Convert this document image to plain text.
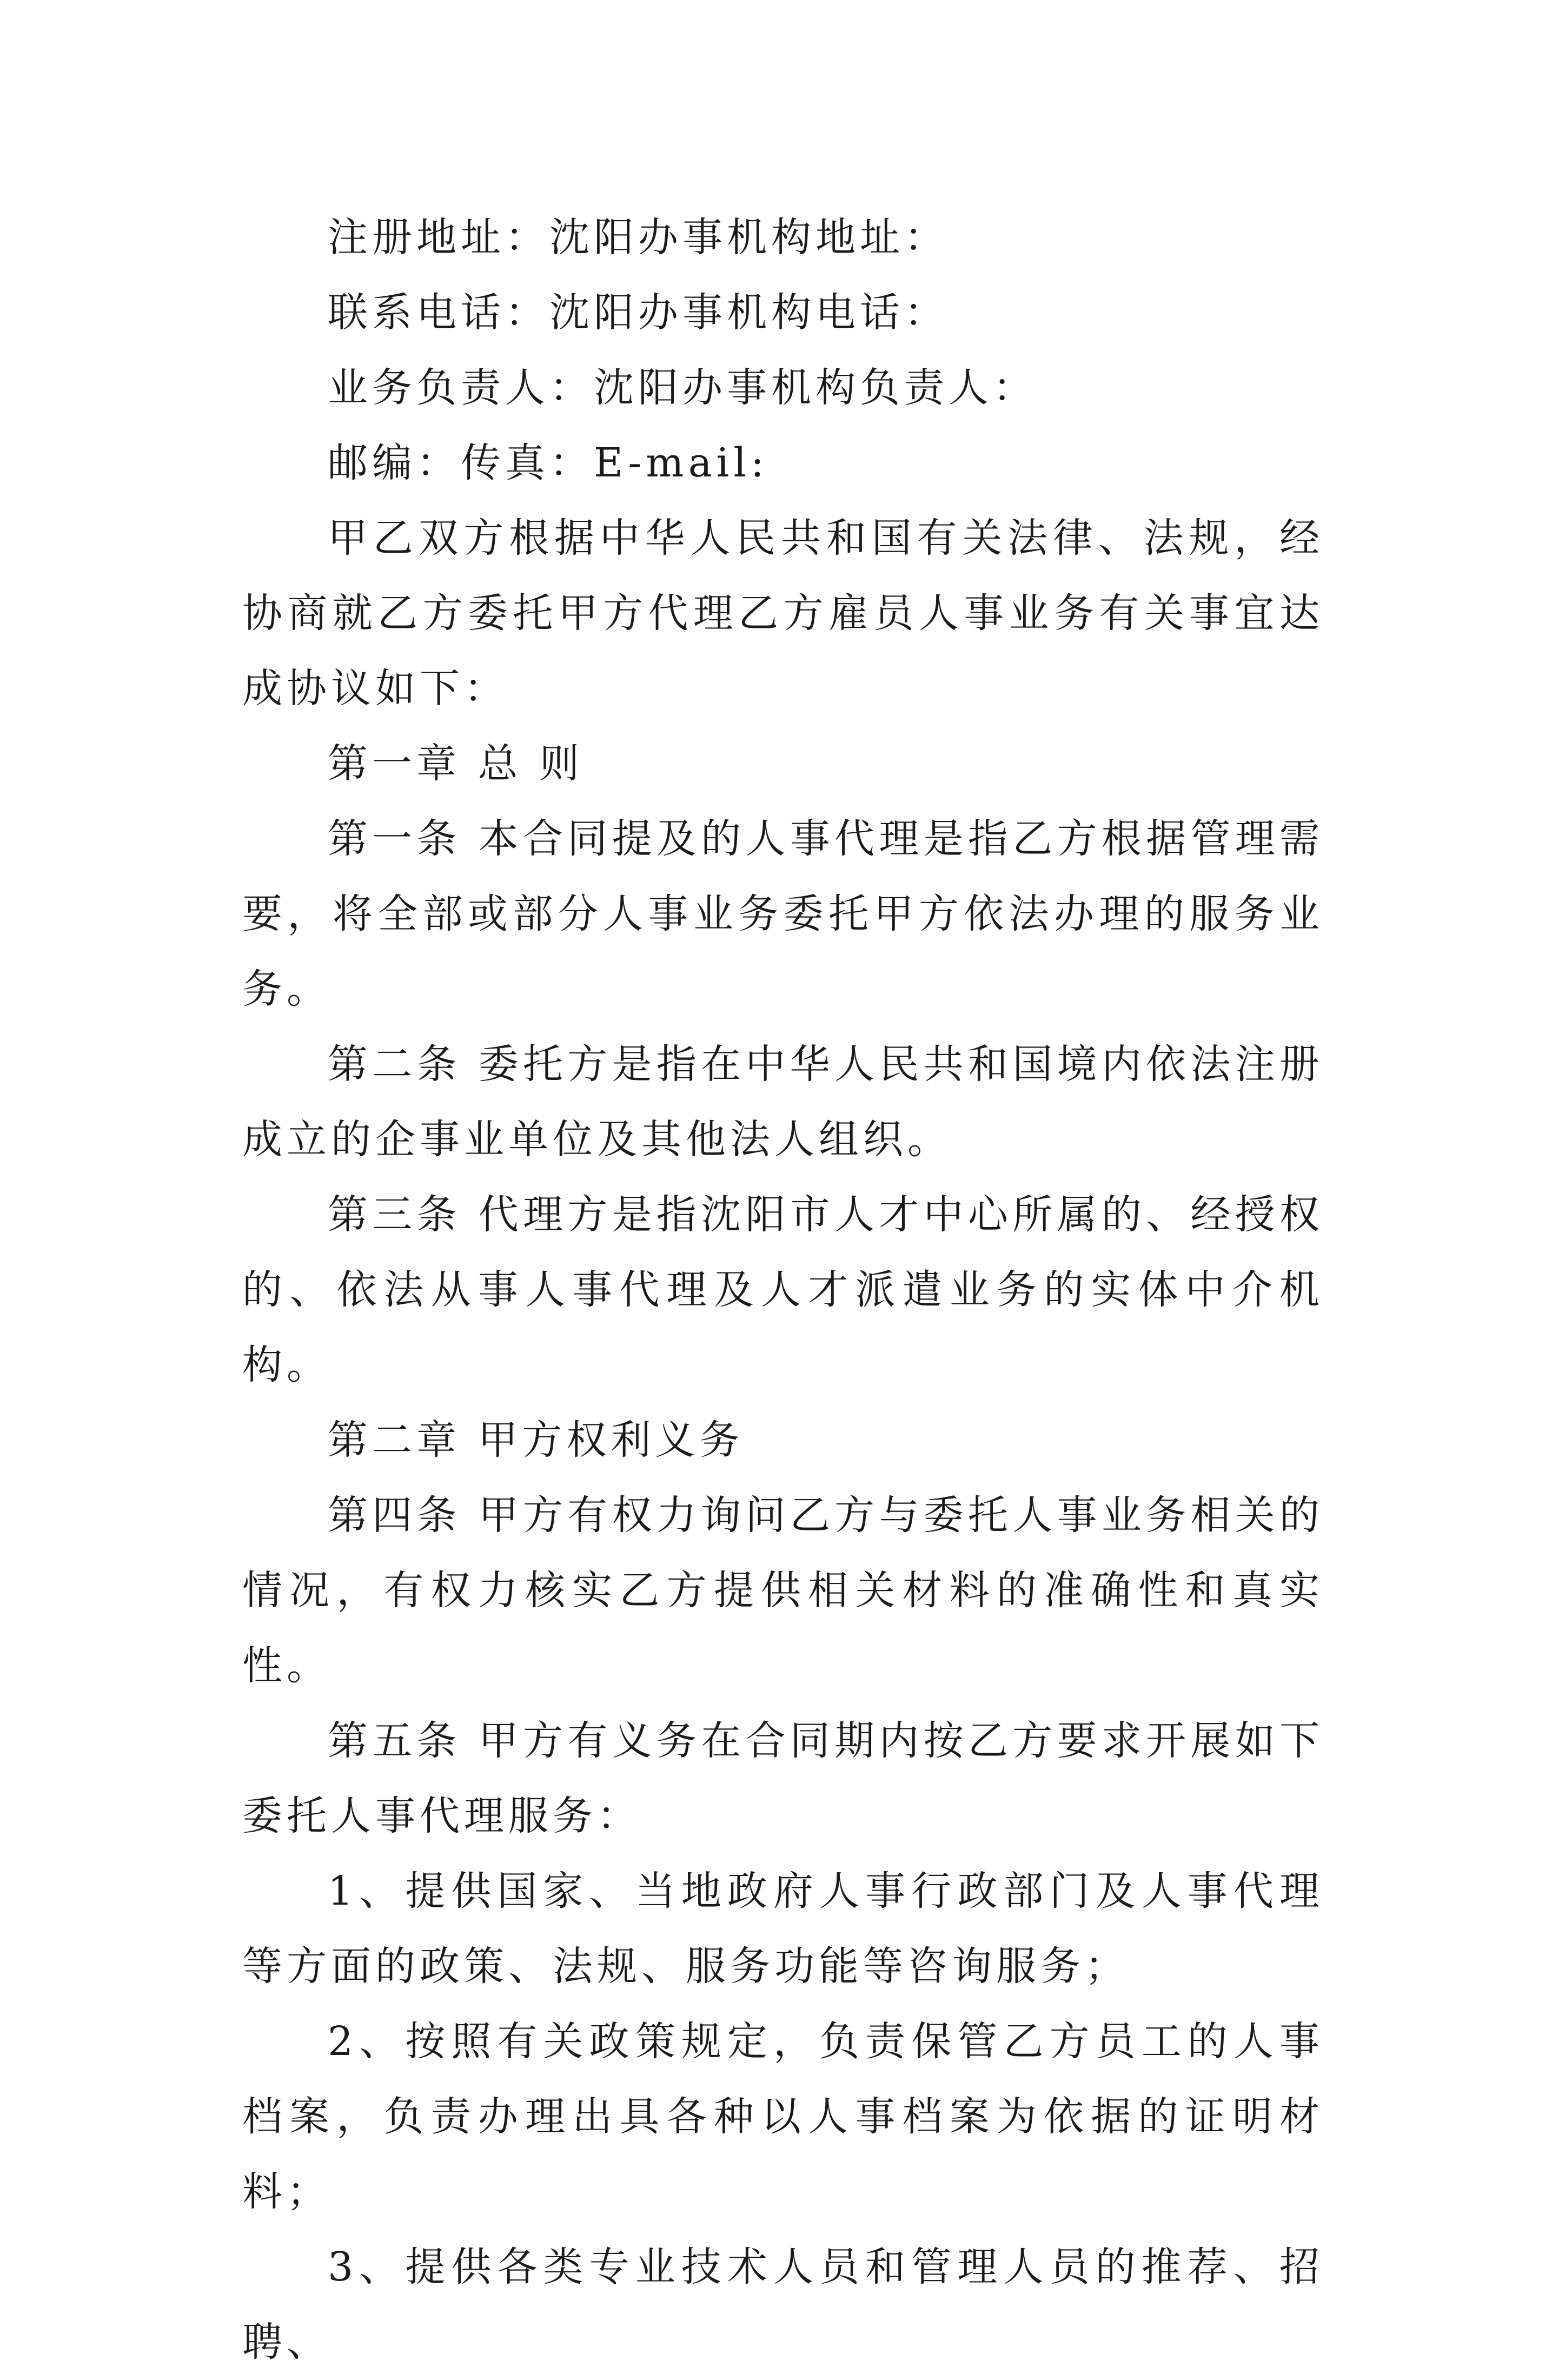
注册地址：沈阳办事机构地址：

联系电话：沈阳办事机构电话：

业务负责人：沈阳办事机构负责人：

邮编：传真：E-mail:

甲乙双方根据中华人民共和国有关法律、法规，经协商就乙方委托甲方代理乙方雇员人事业务有关事宜达成协议如下：

第一章 总 则

第一条 本合同提及的人事代理是指乙方根据管理需要，将全部或部分人事业务委托甲方依法办理的服务业务。

第二条 委托方是指在中华人民共和国境内依法注册成立的企事业单位及其他法人组织。

第三条 代理方是指沈阳市人才中心所属的、经授权的、依法从事人事代理及人才派遣业务的实体中介机构。

第二章 甲方权利义务

第四条 甲方有权力询问乙方与委托人事业务相关的情况，有权力核实乙方提供相关材料的准确性和真实性。

第五条 甲方有义务在合同期内按乙方要求开展如下委托人事代理服务：

1、提供国家、当地政府人事行政部门及人事代理等方面的政策、法规、服务功能等咨询服务；

2、按照有关政策规定，负责保管乙方员工的人事档案，负责办理出具各种以人事档案为依据的证明材料；

3、提供各类专业技术人员和管理人员的推荐、招聘、
